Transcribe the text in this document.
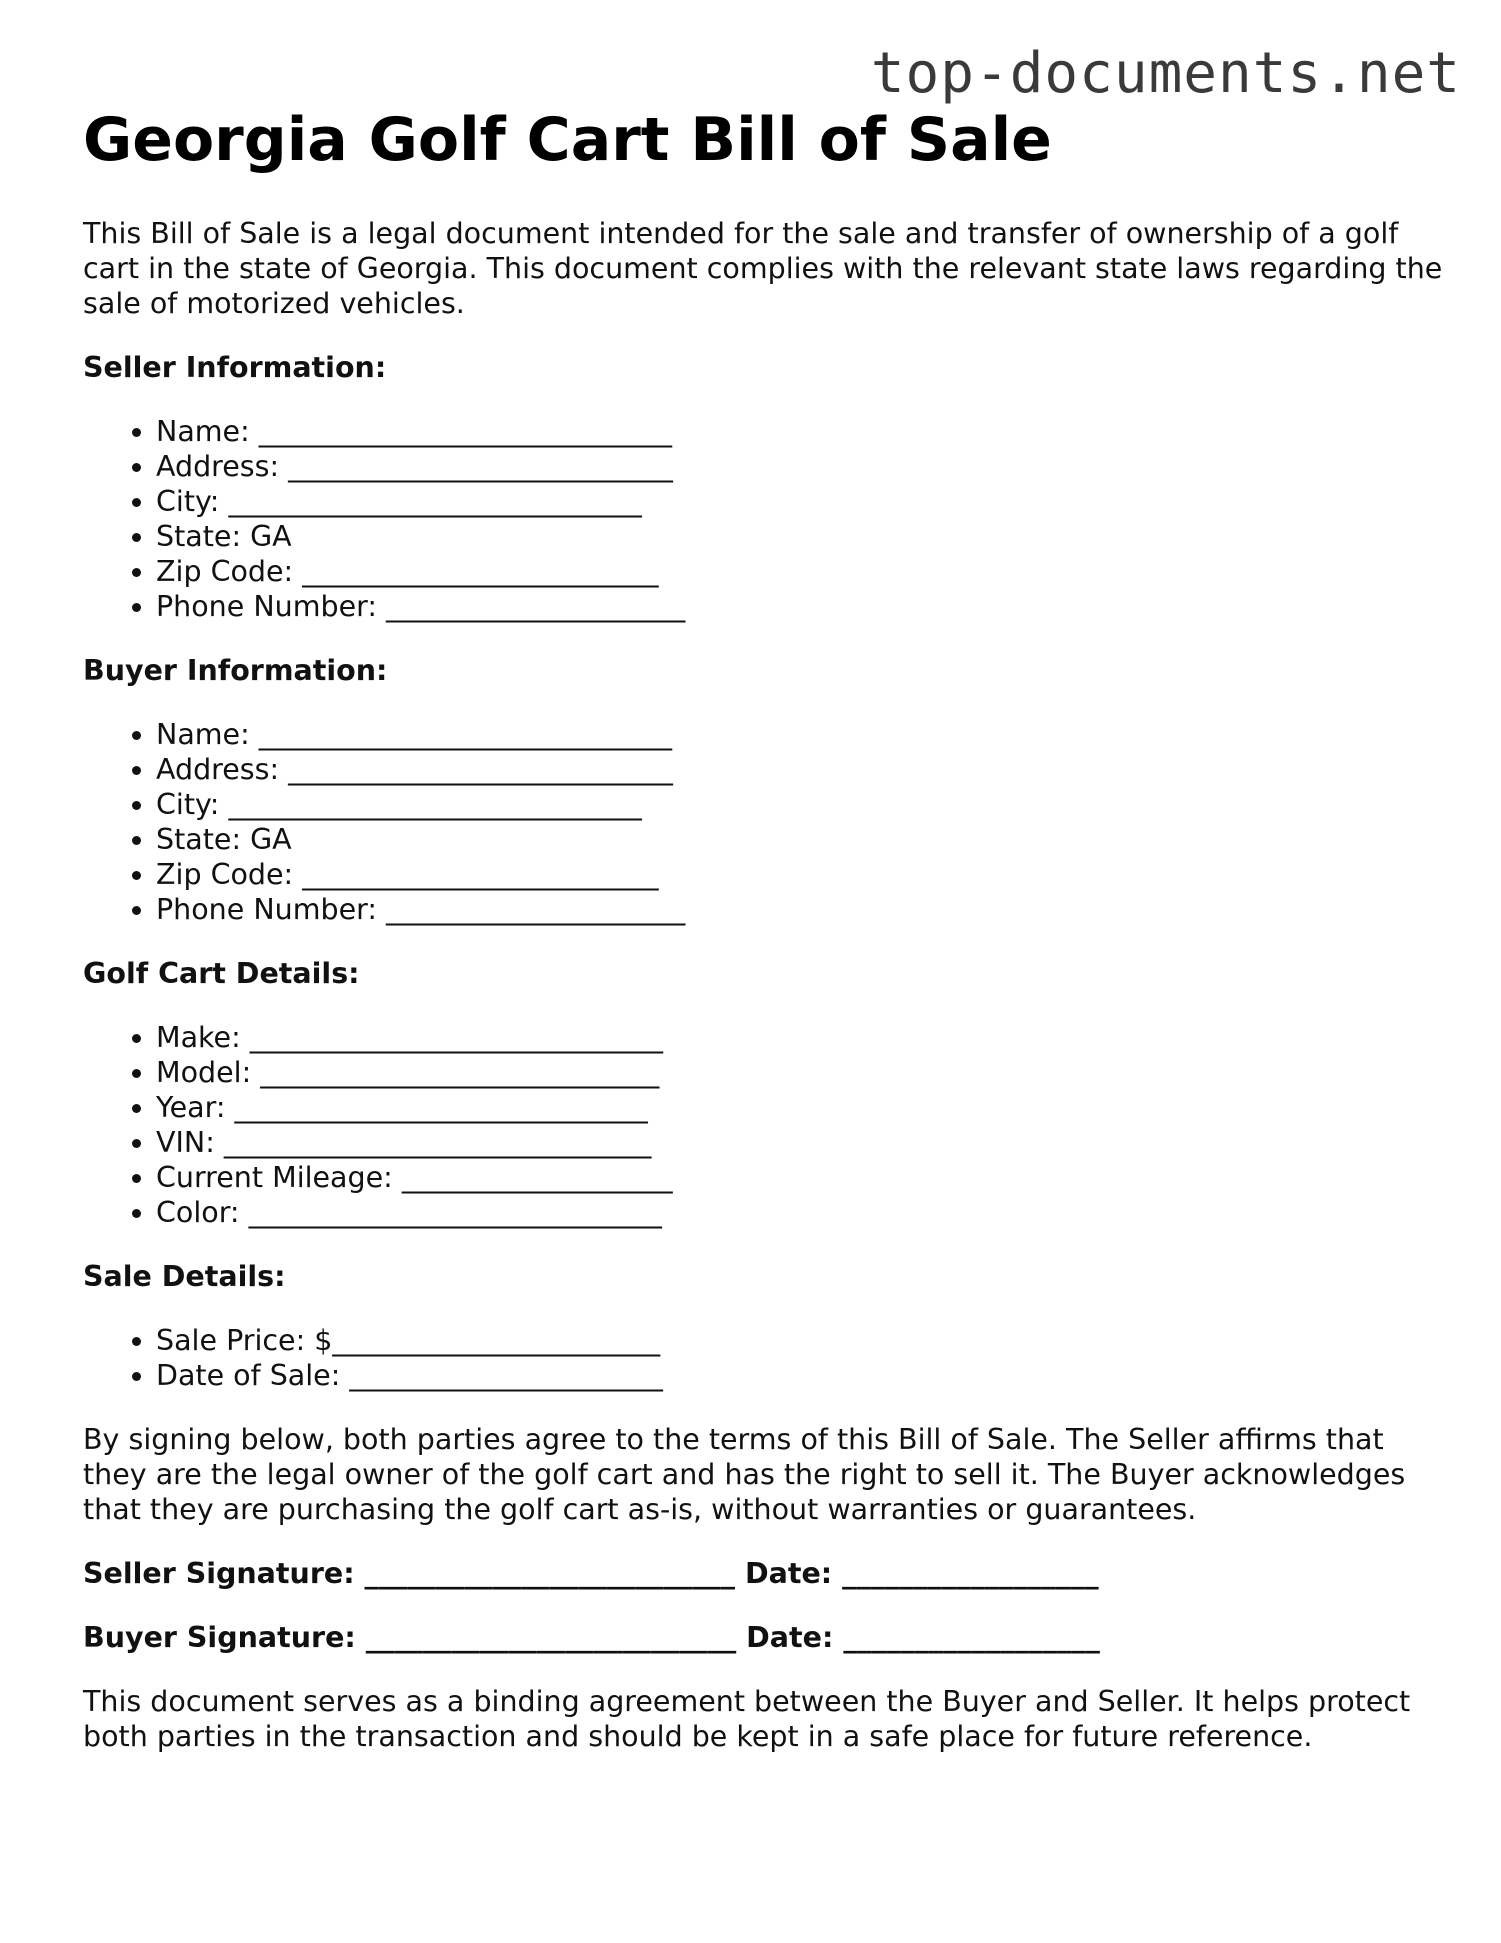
top-documents.net
Georgia Golf Cart Bill of Sale

This Bill of Sale is a legal document intended for the sale and transfer of ownership of a golf cart in the state of Georgia. This document complies with the relevant state laws regarding the sale of motorized vehicles.

Seller Information:
• Name: _____________________________
• Address: ___________________________
• City: _____________________________
• State: GA
• Zip Code: _________________________
• Phone Number: _____________________
Buyer Information:
• Name: _____________________________
• Address: ___________________________
• City: _____________________________
• State: GA
• Zip Code: _________________________
• Phone Number: _____________________
Golf Cart Details:
• Make: _____________________________
• Model: ____________________________
• Year: _____________________________
• VIN: ______________________________
• Current Mileage: ___________________
• Color: _____________________________
Sale Details:
• Sale Price: $_______________________
• Date of Sale: ______________________

By signing below, both parties agree to the terms of this Bill of Sale. The Seller affirms that they are the legal owner of the golf cart and has the right to sell it. The Buyer acknowledges that they are purchasing the golf cart as-is, without warranties or guarantees.

Seller Signature: __________________________ Date: __________________
Buyer Signature: __________________________ Date: __________________

This document serves as a binding agreement between the Buyer and Seller. It helps protect both parties in the transaction and should be kept in a safe place for future reference.
